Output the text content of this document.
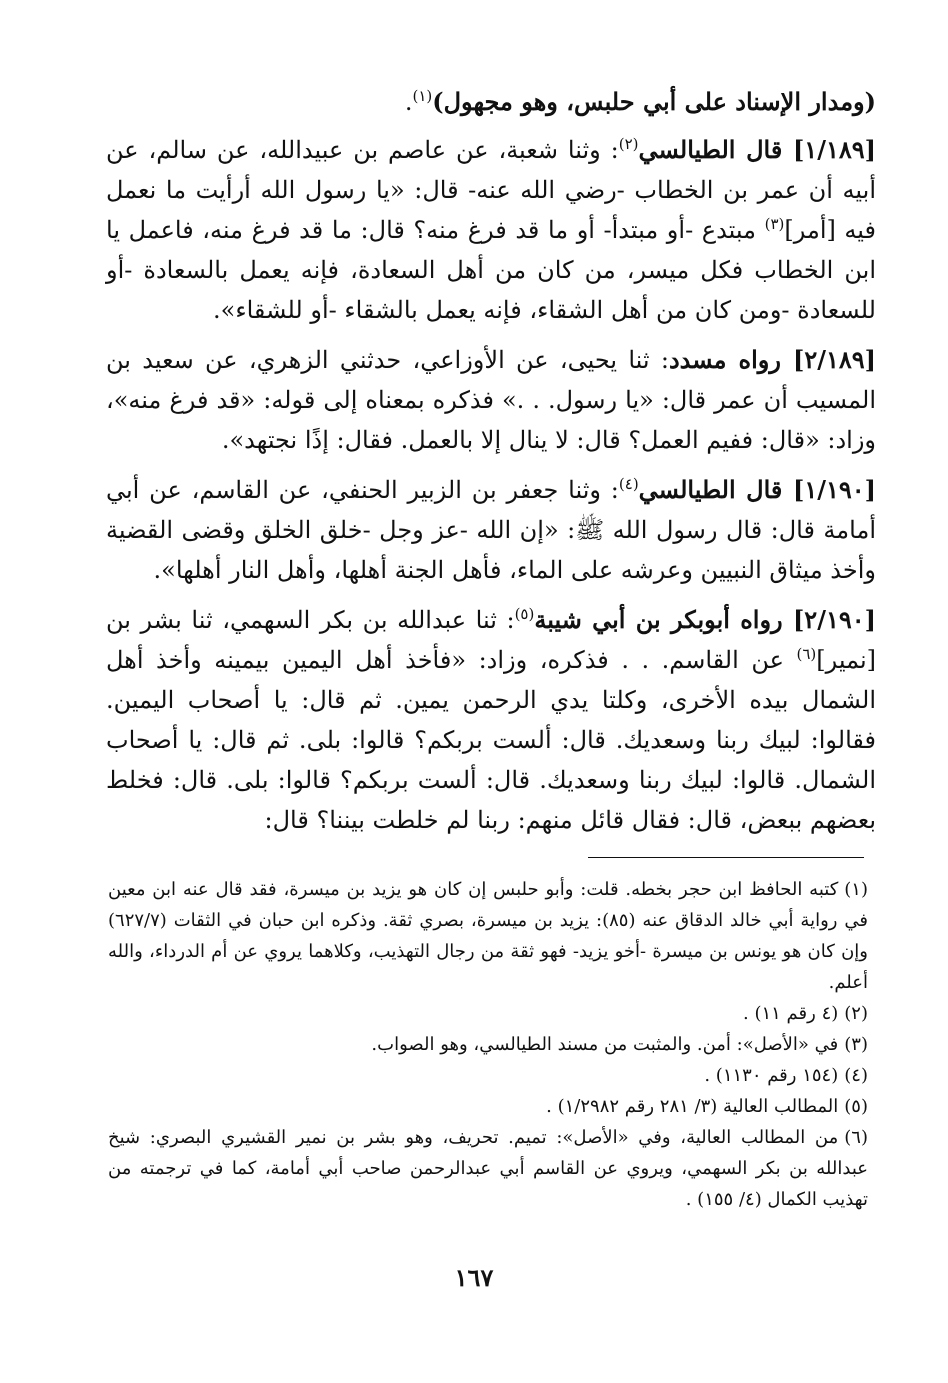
(ومدار الإسناد على أبي حلبس، وهو مجهول)$^{(١)}$.

[١/١٨٩] قال الطيالسي$^{(٢)}$: وثنا شعبة، عن عاصم بن عبيدالله، عن سالم، عن أبيه أن عمر بن الخطاب -رضي الله عنه- قال: «يا رسول الله أرأيت ما نعمل فيه [أمر]$^{(٣)}$ مبتدع -أو مبتدأ- أو ما قد فرغ منه؟ قال: ما قد فرغ منه، فاعمل يا ابن الخطاب فكل ميسر، من كان من أهل السعادة، فإنه يعمل بالسعادة -أو للسعادة -ومن كان من أهل الشقاء، فإنه يعمل بالشقاء -أو للشقاء».

[٢/١٨٩] رواه مسدد: ثنا يحيى، عن الأوزاعي، حدثني الزهري، عن سعيد بن المسيب أن عمر قال: «يا رسول. . .» فذكره بمعناه إلى قوله: «قد فرغ منه»، وزاد: «قال: ففيم العمل؟ قال: لا ينال إلا بالعمل. فقال: إذًا نجتهد».

[١/١٩٠] قال الطيالسي$^{(٤)}$: وثنا جعفر بن الزبير الحنفي، عن القاسم، عن أبي أمامة قال: قال رسول الله ﷺ: «إن الله -عز وجل -خلق الخلق وقضى القضية وأخذ ميثاق النبيين وعرشه على الماء، فأهل الجنة أهلها، وأهل النار أهلها».

[٢/١٩٠] رواه أبوبكر بن أبي شيبة$^{(٥)}$: ثنا عبدالله بن بكر السهمي، ثنا بشر بن [نمير]$^{(٦)}$ عن القاسم. . . فذكره، وزاد: «فأخذ أهل اليمين بيمينه وأخذ أهل الشمال بيده الأخرى، وكلتا يدي الرحمن يمين. ثم قال: يا أصحاب اليمين. فقالوا: لبيك ربنا وسعديك. قال: ألست بربكم؟ قالوا: بلى. ثم قال: يا أصحاب الشمال. قالوا: لبيك ربنا وسعديك. قال: ألست بربكم؟ قالوا: بلى. قال: فخلط بعضهم ببعض، قال: فقال قائل منهم: ربنا لم خلطت بيننا؟ قال:

(١)كتبه الحافظ ابن حجر بخطه. قلت: وأبو حلبس إن كان هو يزيد بن ميسرة، فقد قال عنه ابن معين في رواية أبي خالد الدقاق عنه (٨٥): يزيد بن ميسرة، بصري ثقة. وذكره ابن حبان في الثقات (٦٢٧/٧) وإن كان هو يونس بن ميسرة -أخو يزيد- فهو ثقة من رجال التهذيب، وكلاهما يروي عن أم الدرداء، والله أعلم.

(٢)(٤ رقم ١١) .

(٣)في «الأصل»: أمن. والمثبت من مسند الطيالسي، وهو الصواب.

(٤)(١٥٤ رقم ١١٣٠) .

(٥)المطالب العالية (٣/ ٢٨١ رقم ١/٢٩٨٢) .

(٦)من المطالب العالية، وفي «الأصل»: تميم. تحريف، وهو بشر بن نمير القشيري البصري: شيخ عبدالله بن بكر السهمي، ويروي عن القاسم أبي عبدالرحمن صاحب أبي أمامة، كما في ترجمته من تهذيب الكمال (٤/ ١٥٥) .

١٦٧
